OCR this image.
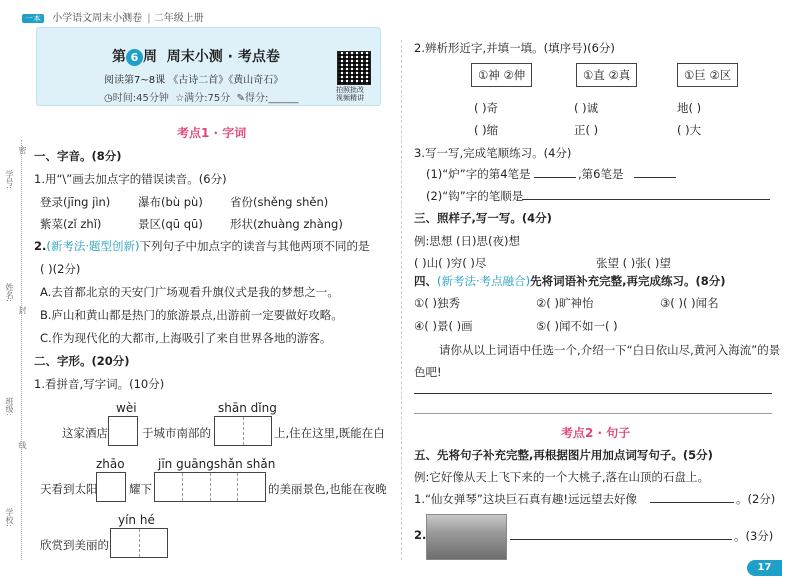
一本 小学语文周末小测卷 | 二年级上册
第 6 周 周末小测 · 考点卷
阅读第7~8课 《古诗二首》《黄山奇石》
◷时间:45分钟 ☆满分:75分 ✎得分:______
拍照批改
视频精讲
学号:
姓名:
班级:
学校:
密
封
线
考点1 · 字词
一、字音。(8分)
1.用“\”画去加点字的错误读音。(6分)
登录(jīng jìn) 瀑布(bù pù) 省份(shěng shěn)
紫菜(zǐ zhǐ)	景区(qū qū) 形状(zhuàng zhàng)
2.(新考法·题型创新)下列句子中加点字的读音与其他两项不同的是
( )(2分)
A.去首都北京的天安门广场观看升旗仪式是我的梦想之一。
B.庐山和黄山都是热门的旅游景点,出游前一定要做好攻略。
C.作为现代化的大都市,上海吸引了来自世界各地的游客。
二、字形。(20分)
1.看拼音,写字词。(10分)
wèi	shān dǐng
这家酒店	于城市南部的	上,住在这里,既能在白
zhāo	jīn guāngshǎn shǎn
天看到太阳	耀下	的美丽景色,也能在夜晚
yín hé
欣赏到美丽的
2.辨析形近字,并填一填。(填序号)(6分)
①神 ②伸	①直 ②真	①巨 ②区
( )奇	( )诚	地( )
( )缩	正( )	( )大
3.写一写,完成笔顺练习。(4分)
(1)“炉”字的第4笔是	,第6笔是
(2)“钩”字的笔顺是
三、照样子,写一写。(4分)
例:思想 (日)思(夜)想
( )山( )穷( )尽	张望 ( )张( )望
四、(新考法·考点融合)先将词语补充完整,再完成练习。(8分)
①( )独秀	②( )旷神怡	③( )( )闻名
④( )景( )画	⑤( )闻不如一( )
请你从以上词语中任选一个,介绍一下“白日依山尽,黄河入海流”的景
色吧!
考点2 · 句子
五、先将句子补充完整,再根据图片用加点词写句子。(5分)
例:它好像从天上飞下来的一个大桃子,落在山顶的石盘上。
1.“仙女弹琴”这块巨石真有趣!远远望去好像	。(2分)
2.	。(3分)
17
